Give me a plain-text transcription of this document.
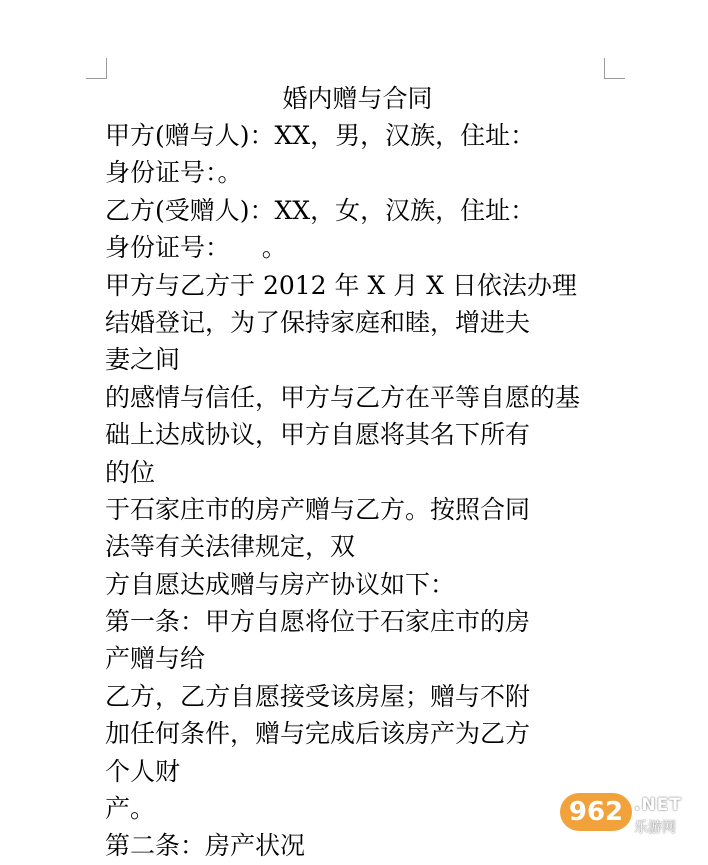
婚内赠与合同
甲方(赠与人)：XX，男，汉族，住址：
身份证号：。
乙方(受赠人)：XX，女，汉族，住址：
身份证号：    。
甲方与乙方于 2012 年 X 月 X 日依法办理
结婚登记，为了保持家庭和睦，增进夫
妻之间
的感情与信任，甲方与乙方在平等自愿的基
础上达成协议，甲方自愿将其名下所有
的位
于石家庄市的房产赠与乙方。按照合同
法等有关法律规定，双
方自愿达成赠与房产协议如下：
第一条：甲方自愿将位于石家庄市的房
产赠与给
乙方，乙方自愿接受该房屋；赠与不附
加任何条件，赠与完成后该房产为乙方
个人财
产。
第二条：房产状况
962 .NET
乐游网
